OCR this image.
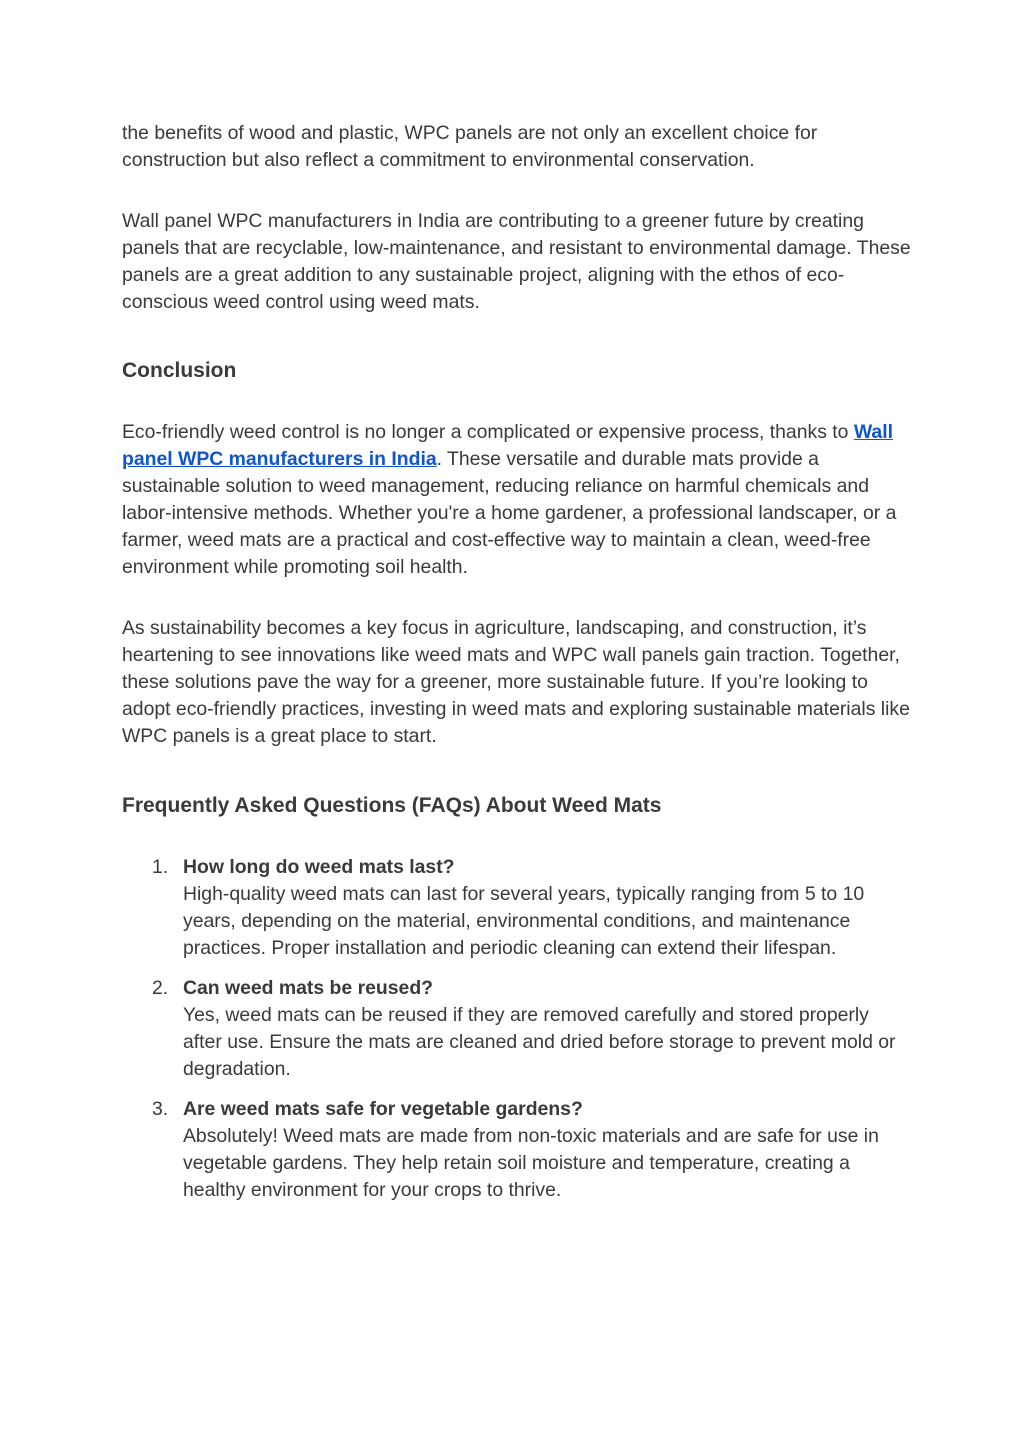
the benefits of wood and plastic, WPC panels are not only an excellent choice for construction but also reflect a commitment to environmental conservation.

Wall panel WPC manufacturers in India are contributing to a greener future by creating panels that are recyclable, low-maintenance, and resistant to environmental damage. These panels are a great addition to any sustainable project, aligning with the ethos of eco-conscious weed control using weed mats.

Conclusion

Eco-friendly weed control is no longer a complicated or expensive process, thanks to Wall panel WPC manufacturers in India. These versatile and durable mats provide a sustainable solution to weed management, reducing reliance on harmful chemicals and labor-intensive methods. Whether you're a home gardener, a professional landscaper, or a farmer, weed mats are a practical and cost-effective way to maintain a clean, weed-free environment while promoting soil health.

As sustainability becomes a key focus in agriculture, landscaping, and construction, it’s heartening to see innovations like weed mats and WPC wall panels gain traction. Together, these solutions pave the way for a greener, more sustainable future. If you’re looking to adopt eco-friendly practices, investing in weed mats and exploring sustainable materials like WPC panels is a great place to start.

Frequently Asked Questions (FAQs) About Weed Mats
1. How long do weed mats last?
High-quality weed mats can last for several years, typically ranging from 5 to 10 years, depending on the material, environmental conditions, and maintenance practices. Proper installation and periodic cleaning can extend their lifespan.
2. Can weed mats be reused?
Yes, weed mats can be reused if they are removed carefully and stored properly after use. Ensure the mats are cleaned and dried before storage to prevent mold or degradation.
3. Are weed mats safe for vegetable gardens?
Absolutely! Weed mats are made from non-toxic materials and are safe for use in vegetable gardens. They help retain soil moisture and temperature, creating a healthy environment for your crops to thrive.
